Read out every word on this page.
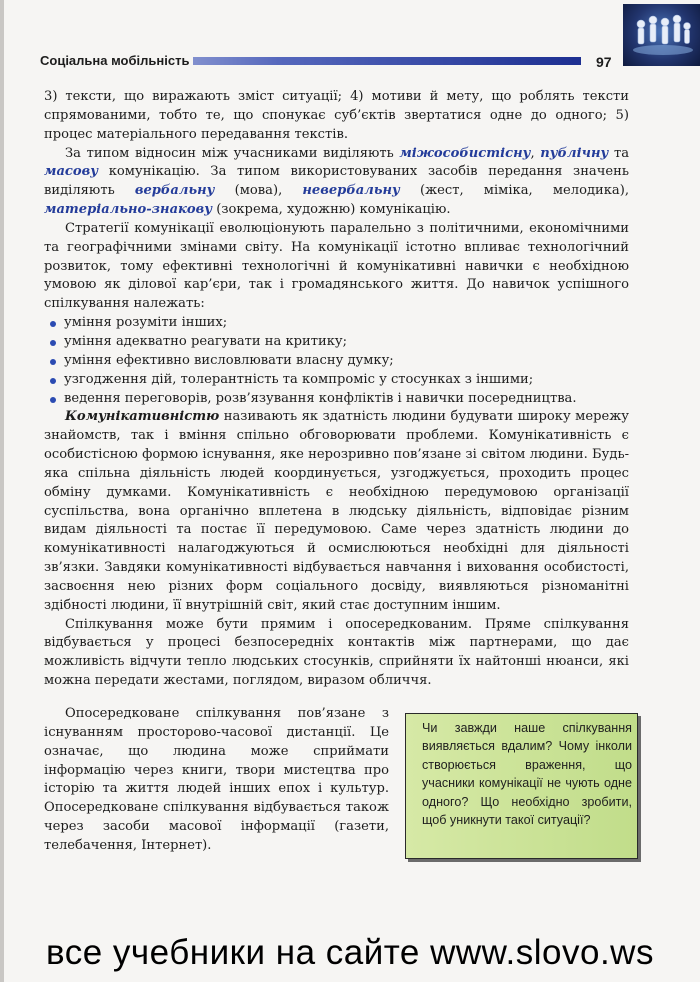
Соціальна мобільність	97

3) тексти, що виражають зміст ситуації; 4) мотиви й мету, що роблять тексти спрямованими, тобто те, що спонукає суб’єктів звертатися одне до одного; 5) процес матеріального передавання текстів.

За типом відносин між учасниками виділяють міжособистісну, публічну та масову комунікацію. За типом використовуваних засобів передання значень виділяють вербальну (мова), невербальну (жест, міміка, мелодика), матеріально-знакову (зокрема, художню) комунікацію.

Стратегії комунікації еволюціонують паралельно з політичними, економічними та географічними змінами світу. На комунікації істотно впливає технологічний розвиток, тому ефективні технологічні й комунікативні навички є необхідною умовою як ділової кар’єри, так і громадянського життя. До навичок успішного спілкування належать:

уміння розуміти інших;
уміння адекватно реагувати на критику;
уміння ефективно висловлювати власну думку;
узгодження дій, толерантність та компроміс у стосунках з іншими;
ведення переговорів, розв’язування конфліктів і навички посередництва.

Комунікативністю називають як здатність людини будувати широку мережу знайомств, так і вміння спільно обговорювати проблеми. Комунікативність є особистісною формою існування, яке нерозривно пов’язане зі світом людини. Будь-яка спільна діяльність людей координується, узгоджується, проходить процес обміну думками. Комунікативність є необхідною передумовою організації суспільства, вона органічно вплетена в людську діяльність, відповідає різним видам діяльності та постає її передумовою. Саме через здатність людини до комунікативності налагоджуються й осмислюються необхідні для діяльності зв’язки. Завдяки комунікативності відбувається навчання і виховання особистості, засвоєння нею різних форм соціального досвіду, виявляються різноманітні здібності людини, її внутрішній світ, який стає доступним іншим.

Спілкування може бути прямим і опосередкованим. Пряме спілкування відбувається у процесі безпосередніх контактів між партнерами, що дає можливість відчути тепло людських стосунків, сприйняти їх найтонші нюанси, які можна передати жестами, поглядом, виразом обличчя.

Опосередковане спілкування пов’язане з існуванням просторово-часової дистанції. Це означає, що людина може сприймати інформацію через книги, твори мистецтва про історію та життя людей інших епох і культур. Опосередковане спілкування відбувається також через засоби масової інформації (газети, телебачення, Інтернет).

Чи завжди наше спілкування виявляється вдалим? Чому інколи створюється враження, що учасники комунікації не чують одне одного? Що необхідно зробити, щоб уникнути такої ситуації?
все учебники на сайте www.slovo.ws
